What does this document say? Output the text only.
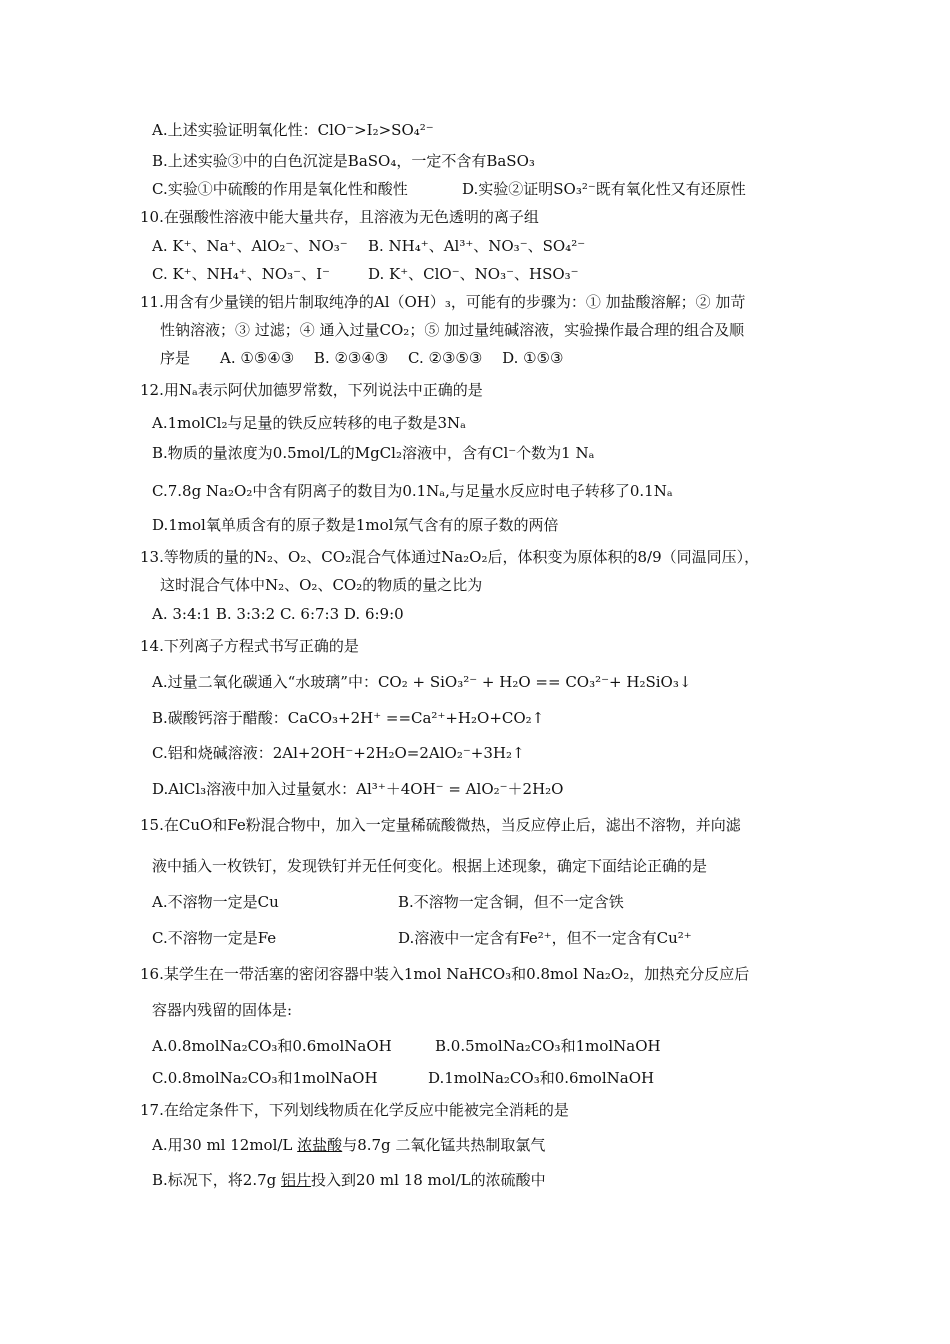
A.上述实验证明氧化性：ClO⁻>I₂>SO₄²⁻
B.上述实验③中的白色沉淀是BaSO₄，一定不含有BaSO₃
C.实验①中硫酸的作用是氧化性和酸性	D.实验②证明SO₃²⁻既有氧化性又有还原性
10.在强酸性溶液中能大量共存，且溶液为无色透明的离子组
A. K⁺、Na⁺、AlO₂⁻、NO₃⁻ B. NH₄⁺、Al³⁺、NO₃⁻、SO₄²⁻
C. K⁺、NH₄⁺、NO₃⁻、I⁻	D. K⁺、ClO⁻、NO₃⁻、HSO₃⁻
11.用含有少量镁的铝片制取纯净的Al（OH）₃，可能有的步骤为：① 加盐酸溶解；② 加苛
性钠溶液；③ 过滤；④ 通入过量CO₂；⑤ 加过量纯碱溶液，实验操作最合理的组合及顺
序是　　A. ①⑤④③　 B. ②③④③　 C. ②③⑤③　 D. ①⑤③
12.用Nₐ表示阿伏加德罗常数，下列说法中正确的是
A.1molCl₂与足量的铁反应转移的电子数是3Nₐ
B.物质的量浓度为0.5mol/L的MgCl₂溶液中，含有Cl⁻个数为1 Nₐ
C.7.8g Na₂O₂中含有阴离子的数目为0.1Nₐ,与足量水反应时电子转移了0.1Nₐ
D.1mol氧单质含有的原子数是1mol氖气含有的原子数的两倍
13.等物质的量的N₂、O₂、CO₂混合气体通过Na₂O₂后，体积变为原体积的8/9（同温同压），
这时混合气体中N₂、O₂、CO₂的物质的量之比为
A. 3:4:1 B. 3:3:2 C. 6:7:3 D. 6:9:0
14.下列离子方程式书写正确的是
A.过量二氧化碳通入“水玻璃”中：CO₂ + SiO₃²⁻ + H₂O == CO₃²⁻+ H₂SiO₃↓
B.碳酸钙溶于醋酸：CaCO₃+2H⁺ ==Ca²⁺+H₂O+CO₂↑
C.铝和烧碱溶液：2Al+2OH⁻+2H₂O=2AlO₂⁻+3H₂↑
D.AlCl₃溶液中加入过量氨水：Al³⁺＋4OH⁻ = AlO₂⁻＋2H₂O
15.在CuO和Fe粉混合物中，加入一定量稀硫酸微热，当反应停止后，滤出不溶物，并向滤
液中插入一枚铁钉，发现铁钉并无任何变化。根据上述现象，确定下面结论正确的是
A.不溶物一定是Cu	B.不溶物一定含铜，但不一定含铁
C.不溶物一定是Fe	D.溶液中一定含有Fe²⁺，但不一定含有Cu²⁺
16.某学生在一带活塞的密闭容器中装入1mol NaHCO₃和0.8mol Na₂O₂，加热充分反应后
容器内残留的固体是:
A.0.8molNa₂CO₃和0.6molNaOH	B.0.5molNa₂CO₃和1molNaOH
C.0.8molNa₂CO₃和1molNaOH	D.1molNa₂CO₃和0.6molNaOH
17.在给定条件下，下列划线物质在化学反应中能被完全消耗的是
A.用30 ml 12mol/L 浓盐酸与8.7g 二氧化锰共热制取氯气
B.标况下，将2.7g 铝片投入到20 ml 18 mol/L的浓硫酸中
